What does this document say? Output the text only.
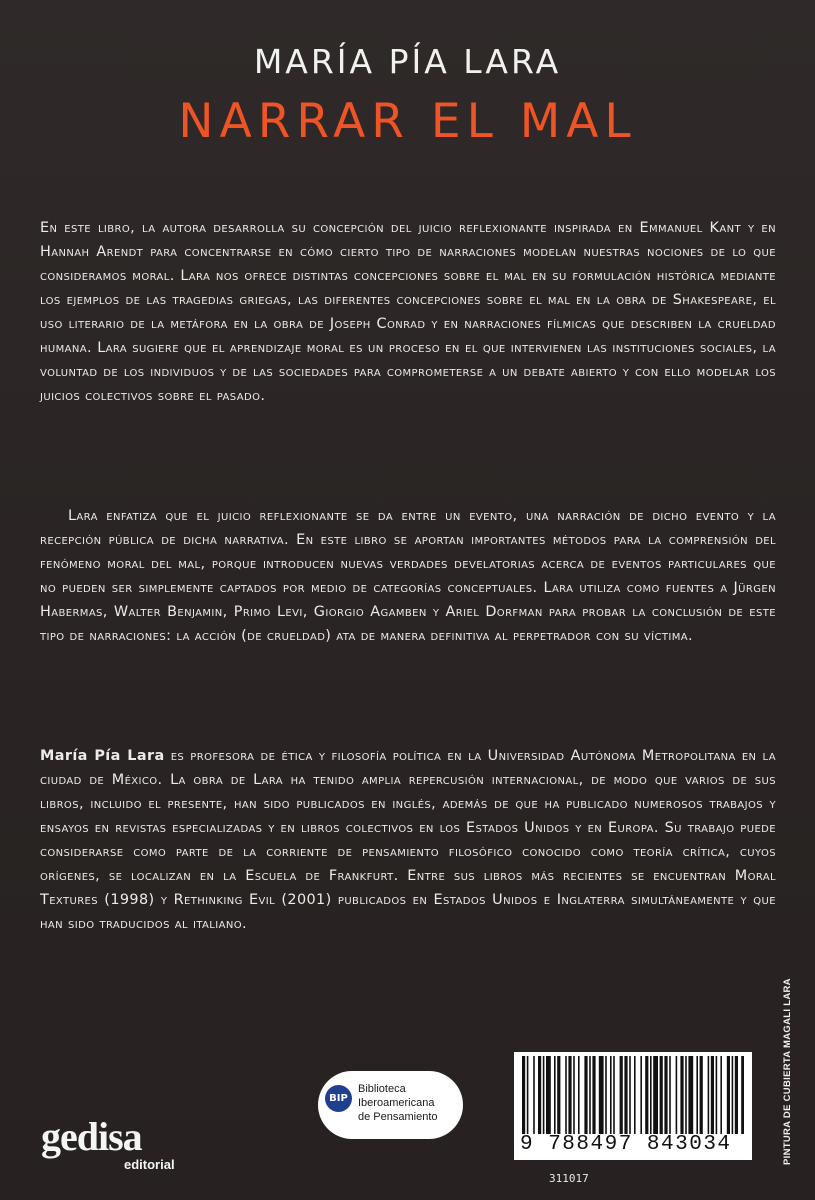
MARÍA PÍA LARA
NARRAR EL MAL

En este libro, la autora desarrolla su concepción del juicio reflexionante inspirada en Emmanuel Kant y en Hannah Arendt para concentrarse en cómo cierto tipo de narraciones modelan nuestras nociones de lo que consideramos moral. Lara nos ofrece distintas concepciones sobre el mal en su formulación histórica mediante los ejemplos de las tragedias griegas, las diferentes concepciones sobre el mal en la obra de Shakespeare, el uso literario de la metáfora en la obra de Joseph Conrad y en narraciones fílmicas que describen la crueldad humana. Lara sugiere que el aprendizaje moral es un proceso en el que intervienen las instituciones sociales, la voluntad de los individuos y de las sociedades para comprometerse a un debate abierto y con ello modelar los juicios colectivos sobre el pasado.

Lara enfatiza que el juicio reflexionante se da entre un evento, una narración de dicho evento y la recepción pública de dicha narrativa. En este libro se aportan importantes métodos para la comprensión del fenómeno moral del mal, porque introducen nuevas verdades develatorias acerca de eventos particulares que no pueden ser simplemente captados por medio de categorías conceptuales. Lara utiliza como fuentes a Jürgen Habermas, Walter Benjamin, Primo Levi, Giorgio Agamben y Ariel Dorfman para probar la conclusión de este tipo de narraciones: la acción (de crueldad) ata de manera definitiva al perpetrador con su víctima.

María Pía Lara es profesora de ética y filosofía política en la Universidad Autónoma Metropolitana en la ciudad de México. La obra de Lara ha tenido amplia repercusión internacional, de modo que varios de sus libros, incluido el presente, han sido publicados en inglés, además de que ha publicado numerosos trabajos y ensayos en revistas especializadas y en libros colectivos en los Estados Unidos y en Europa. Su trabajo puede considerarse como parte de la corriente de pensamiento filosófico conocido como teoría crítica, cuyos orígenes, se localizan en la Escuela de Frankfurt. Entre sus libros más recientes se encuentran Moral Textures (1998) y Rethinking Evil (2001) publicados en Estados Unidos e Inglaterra simultáneamente y que han sido traducidos al italiano.

BIP
Biblioteca
Iberoamericana
de Pensamiento
gedisa
editorial
9 788497 843034
311017
PINTURA DE CUBIERTA MAGALI LARA
